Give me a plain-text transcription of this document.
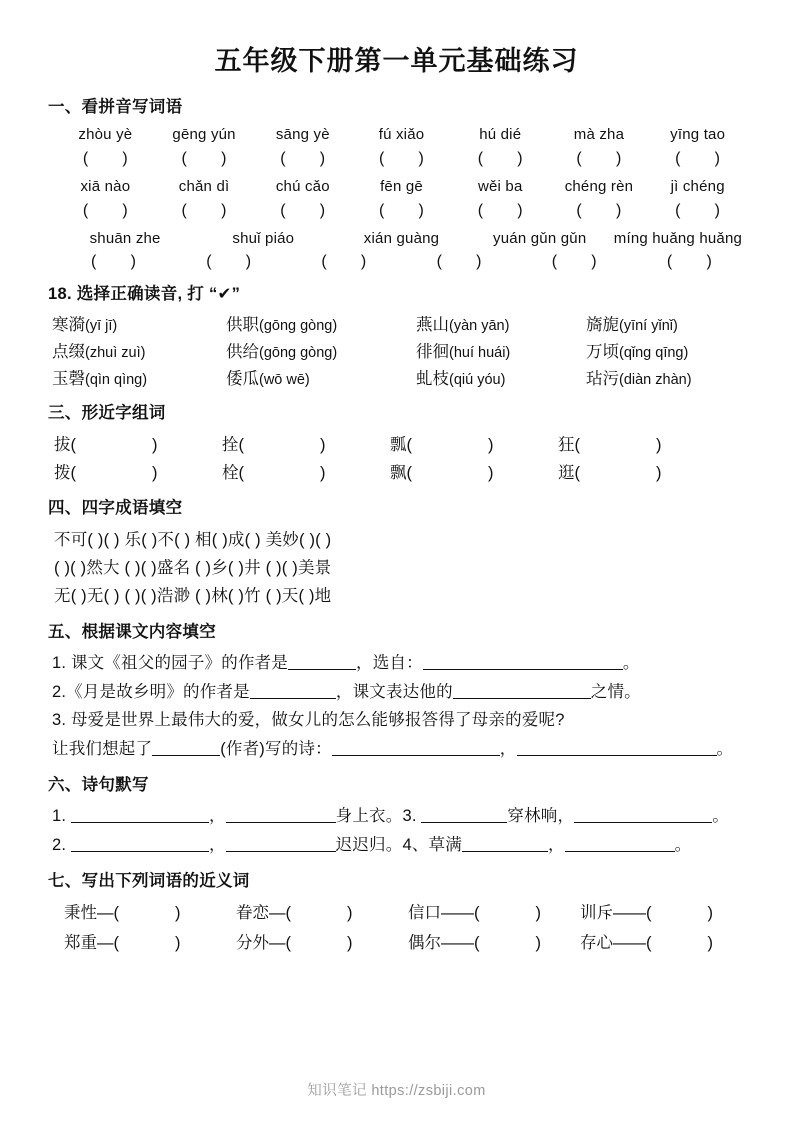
五年级下册第一单元基础练习
一、看拼音写词语
zhòu yè	gēng yún	sāng yè	fú xiǎo	hú dié	mà zha	yīng tao
( )	( )	( )	( )	( )	( )	( )
xiā nào	chǎn dì	chú cǎo	fēn gē	wěi ba	chéng rèn	jì chéng
( )	( )	( )	( )	( )	( )	( )
shuān zhe	shuǐ piáo	xián guàng	yuán gǔn gǔn	míng huǎng huǎng
( )	( )	( )	( )	( )	( )
18. 选择正确读音, 打 “✔”
寒漪(yī jī)	供职(gōng gòng)	燕山(yàn yān)	旖旎(yīní yǐnǐ)
点缀(zhuì zuì)	供给(gōng gòng)	徘徊(huí huái)	万顷(qǐng qīng)
玉磬(qìn qìng)	倭瓜(wō wē)	虬枝(qiú yóu)	玷污(diàn zhàn)
三、形近字组词
拔(	)	拴(	)	瓢(	)	狂(	)
拨(	)	栓(	)	飘(	)	逛(	)
四、四字成语填空
不可( )( ) 乐( )不( ) 相( )成( ) 美妙( )( )
( )( )然大 ( )( )盛名 ( )乡( )井 ( )( )美景
无( )无( ) ( )( )浩渺 ( )林( )竹 ( )天( )地
五、根据课文内容填空
1. 课文《祖父的园子》的作者是	，选自：	。
2.《月是故乡明》的作者是	，课文表达他的	之情。
3. 母爱是世界上最伟大的爱，做女儿的怎么能够报答得了母亲的爱呢?
让我们想起了	(作者)写的诗：	，	。
六、诗句默写
1.	，	身上衣。3.	穿林响，	。
2.	，	迟迟归。4、草满	，	。
七、写出下列词语的近义词
秉性—(	)	眷恋—(	)	信口——(	)	训斥——(	)
郑重—(	)	分外—(	)	偶尔——(	)	存心——(	)
知识笔记 https://zsbiji.com
